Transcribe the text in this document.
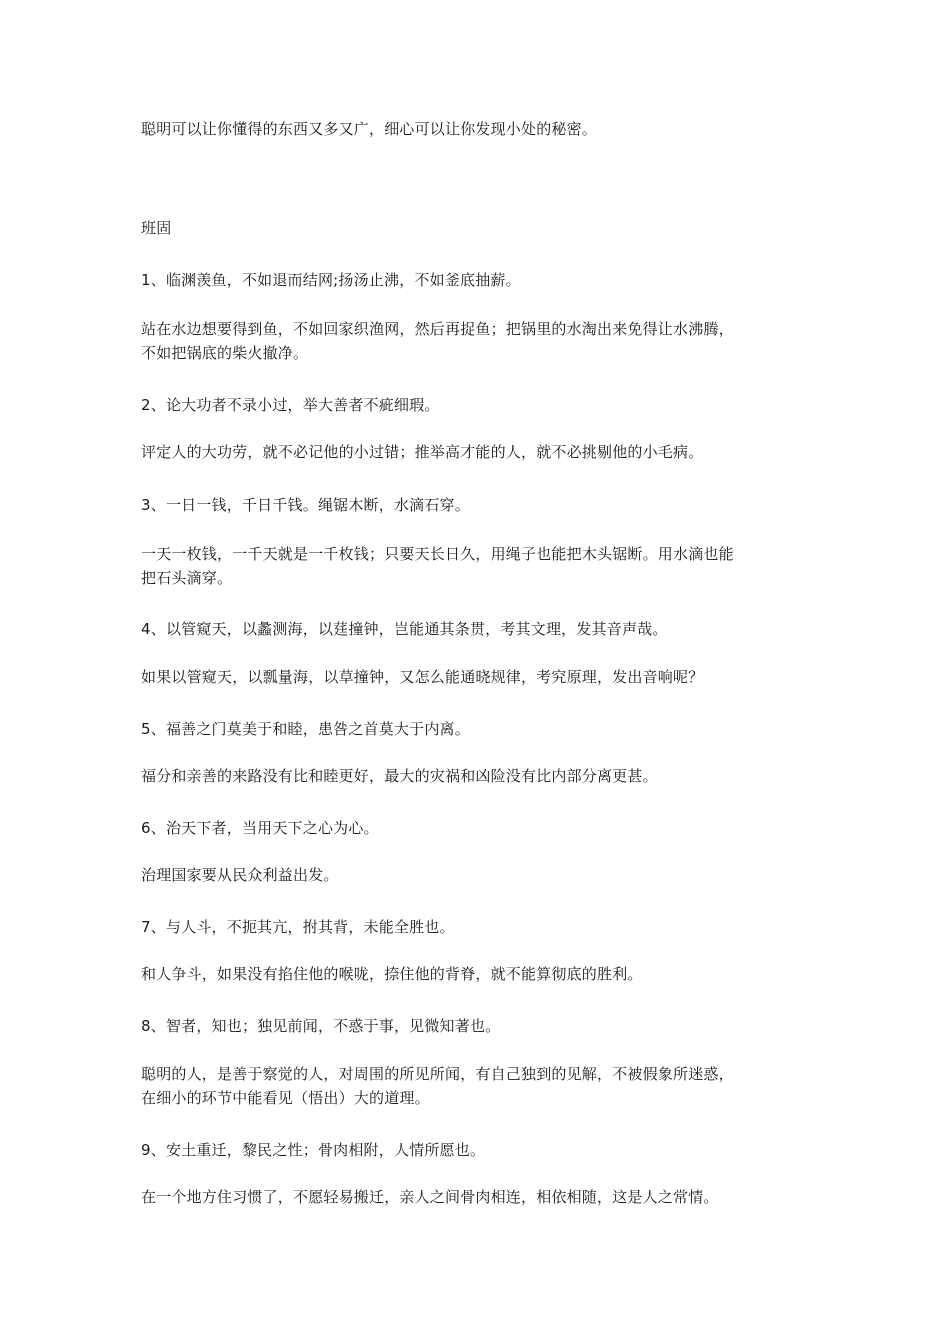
聪明可以让你懂得的东西又多又广，细心可以让你发现小处的秘密。
班固
1、临渊羡鱼，不如退而结网;扬汤止沸，不如釜底抽薪。
站在水边想要得到鱼，不如回家织渔网，然后再捉鱼；把锅里的水淘出来免得让水沸腾，
不如把锅底的柴火撤净。
2、论大功者不录小过，举大善者不疵细瑕。
评定人的大功劳，就不必记他的小过错；推举高才能的人，就不必挑剔他的小毛病。
3、一日一钱，千日千钱。绳锯木断，水滴石穿。
一天一枚钱，一千天就是一千枚钱；只要天长日久，用绳子也能把木头锯断。用水滴也能
把石头滴穿。
4、以管窥天，以蠡测海，以莛撞钟，岂能通其条贯，考其文理，发其音声哉。
如果以管窥天，以瓢量海，以草撞钟，又怎么能通晓规律，考究原理，发出音响呢？
5、福善之门莫美于和睦，患咎之首莫大于内离。
福分和亲善的来路没有比和睦更好，最大的灾祸和凶险没有比内部分离更甚。
6、治天下者，当用天下之心为心。
治理国家要从民众利益出发。
7、与人斗，不扼其亢，拊其背，未能全胜也。
和人争斗，如果没有掐住他的喉咙，捺住他的背脊，就不能算彻底的胜利。
8、智者，知也；独见前闻，不惑于事，见微知著也。
聪明的人，是善于察觉的人，对周围的所见所闻，有自己独到的见解，不被假象所迷惑，
在细小的环节中能看见（悟出）大的道理。
9、安土重迁，黎民之性；骨肉相附，人情所愿也。
在一个地方住习惯了，不愿轻易搬迁，亲人之间骨肉相连，相依相随，这是人之常情。
